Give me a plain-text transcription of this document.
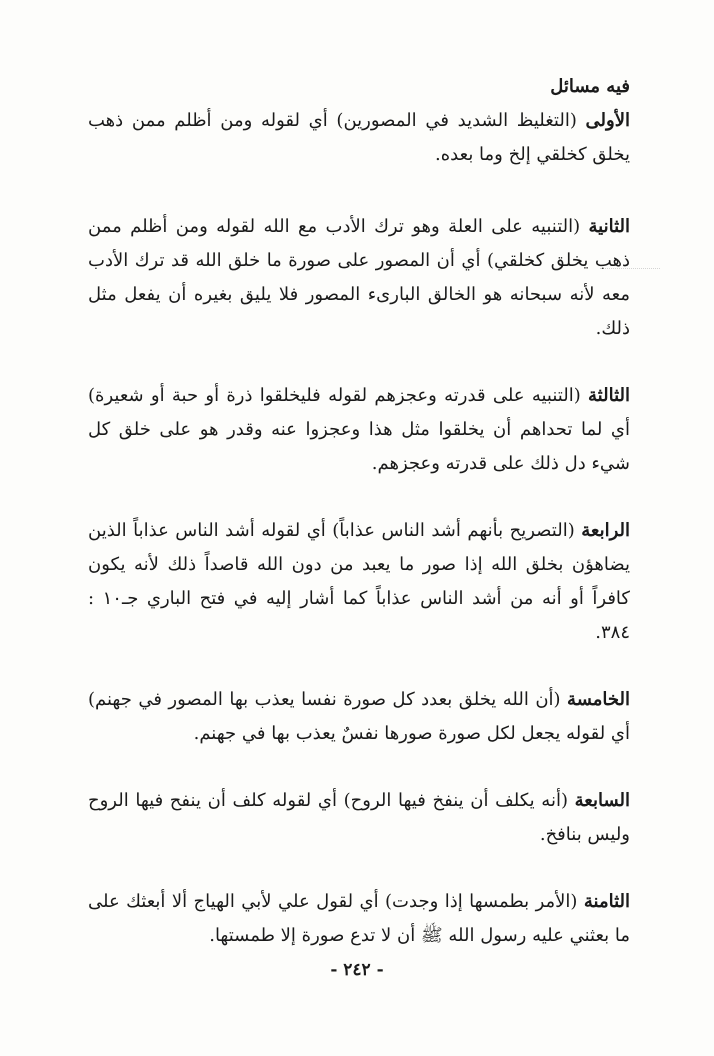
فيه مسائل

الأولى (التغليظ الشديد في المصورين) أي لقوله ومن أظلم ممن ذهب يخلق كخلقي إلخ وما بعده.

الثانية (التنبيه على العلة وهو ترك الأدب مع الله لقوله ومن أظلم ممن ذهب يخلق كخلقي) أي أن المصور على صورة ما خلق الله قد ترك الأدب معه لأنه سبحانه هو الخالق البارىء المصور فلا يليق بغيره أن يفعل مثل ذلك.

الثالثة (التنبيه على قدرته وعجزهم لقوله فليخلقوا ذرة أو حبة أو شعيرة) أي لما تحداهم أن يخلقوا مثل هذا وعجزوا عنه وقدر هو على خلق كل شيء دل ذلك على قدرته وعجزهم.

الرابعة (التصريح بأنهم أشد الناس عذاباً) أي لقوله أشد الناس عذاباً الذين يضاهؤن بخلق الله إذا صور ما يعبد من دون الله قاصداً ذلك لأنه يكون كافراً أو أنه من أشد الناس عذاباً كما أشار إليه في فتح الباري جـ١٠ : ٣٨٤.

الخامسة (أن الله يخلق بعدد كل صورة نفسا يعذب بها المصور في جهنم) أي لقوله يجعل لكل صورة صورها نفسٌ يعذب بها في جهنم.

السابعة (أنه يكلف أن ينفخ فيها الروح) أي لقوله كلف أن ينفح فيها الروح وليس بنافخ.

الثامنة (الأمر بطمسها إذا وجدت) أي لقول علي لأبي الهياج ألا أبعثك على ما بعثني عليه رسول الله ﷺ أن لا تدع صورة إلا طمستها.

- ٢٤٢ -
